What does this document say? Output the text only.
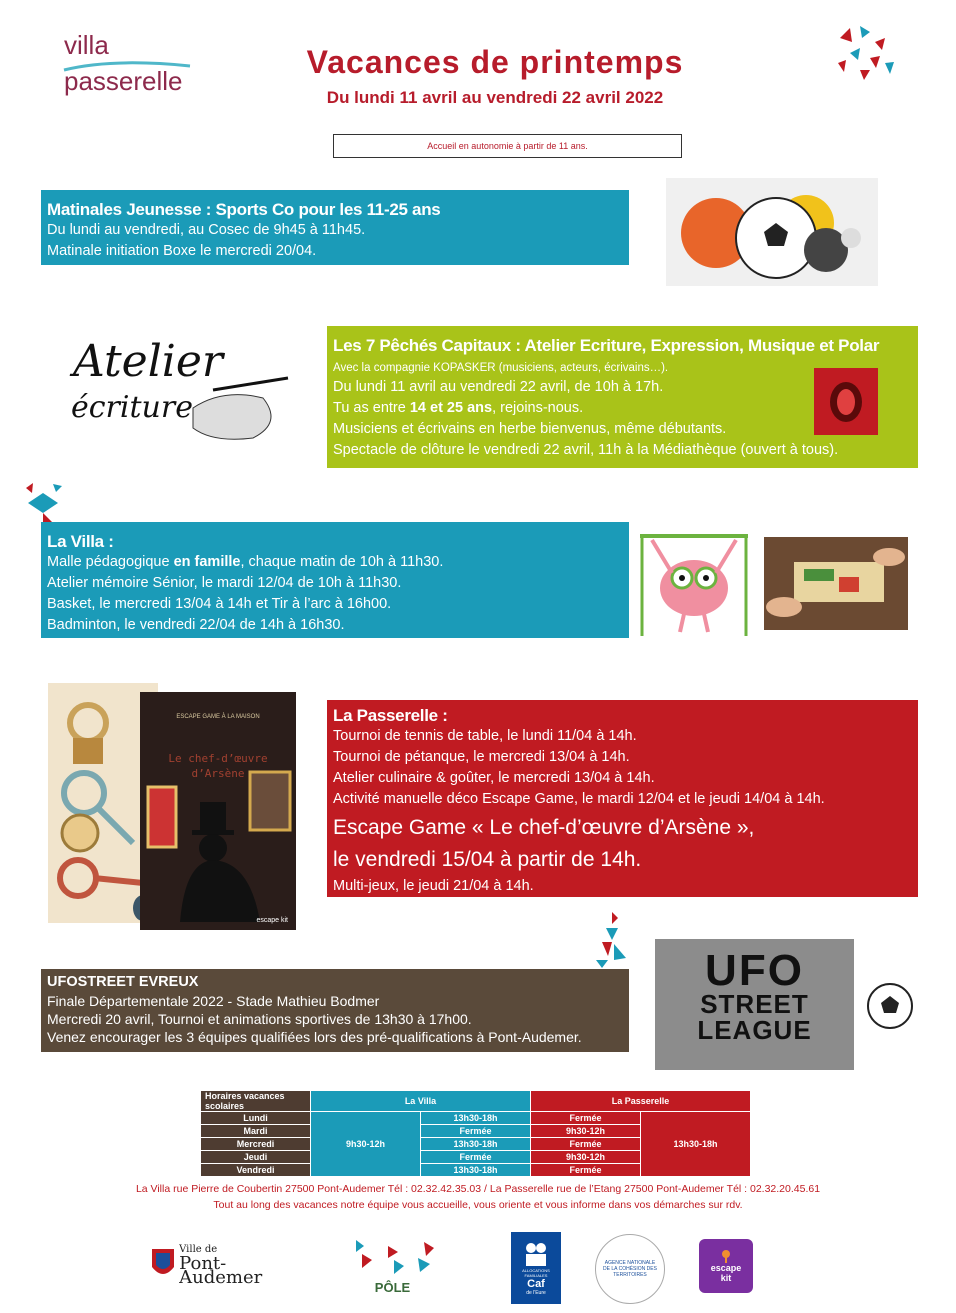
villa
passerelle
Vacances de printemps
Du lundi 11 avril au vendredi 22 avril 2022
Accueil en autonomie à partir de 11 ans.
Matinales Jeunesse : Sports Co pour les 11-25 ans
Du lundi au vendredi, au Cosec de 9h45 à 11h45.
Matinale initiation Boxe le mercredi 20/04.
Atelier
écriture
Les 7 Pêchés Capitaux : Atelier Ecriture, Expression, Musique et Polar
Avec la compagnie KOPASKER (musiciens, acteurs, écrivains…).
Du lundi 11 avril au vendredi 22 avril, de 10h à 17h.
Tu as entre 14 et 25 ans, rejoins-nous.
Musiciens et écrivains en herbe bienvenus, même débutants.
Spectacle de clôture le vendredi 22 avril, 11h à la Médiathèque (ouvert à tous).
La Villa :
Malle pédagogique en famille, chaque matin de 10h à 11h30.
Atelier mémoire Sénior, le mardi 12/04 de 10h à 11h30.
Basket, le mercredi 13/04 à 14h et Tir à l’arc à 16h00.
Badminton, le vendredi 22/04 de 14h à 16h30.
ESCAPE GAME À LA MAISON
Le chef-d’œuvre
d’Arsène
escape kit
La Passerelle :
Tournoi de tennis de table, le lundi 11/04 à 14h.
Tournoi de pétanque, le mercredi 13/04 à 14h.
Atelier culinaire & goûter, le mercredi 13/04 à 14h.
Activité manuelle déco Escape Game, le mardi 12/04 et le jeudi 14/04 à 14h.
Escape Game « Le chef-d’œuvre d’Arsène »,
le vendredi 15/04 à partir de 14h.
Multi-jeux, le jeudi 21/04 à 14h.
UFOSTREET EVREUX
Finale Départementale 2022 - Stade Mathieu Bodmer
Mercredi 20 avril, Tournoi et animations sportives de 13h30 à 17h00.
Venez encourager les 3 équipes qualifiées lors des pré-qualifications à Pont-Audemer.
UFO
STREET
LEAGUE
Horaires vacances scolaires	La Villa		La Passerelle	
Lundi	9h30-12h	13h30-18h	Fermée	13h30-18h
Mardi		Fermée	9h30-12h	
Mercredi		13h30-18h	Fermée	
Jeudi		Fermée	9h30-12h	
Vendredi		13h30-18h	Fermée	
La Villa rue Pierre de Coubertin 27500 Pont-Audemer Tél : 02.32.42.35.03 / La Passerelle rue de l’Etang 27500 Pont-Audemer Tél : 02.32.20.45.61
Tout au long des vacances notre équipe vous accueille, vous oriente et vous informe dans vos démarches sur rdv.
Ville de
Pont-Audemer	PÔLE
ALLOCATIONS FAMILIALES
Caf
de l'Eure
AGENCE NATIONALE DE LA COHÉSION DES TERRITOIRES
escape
kit
